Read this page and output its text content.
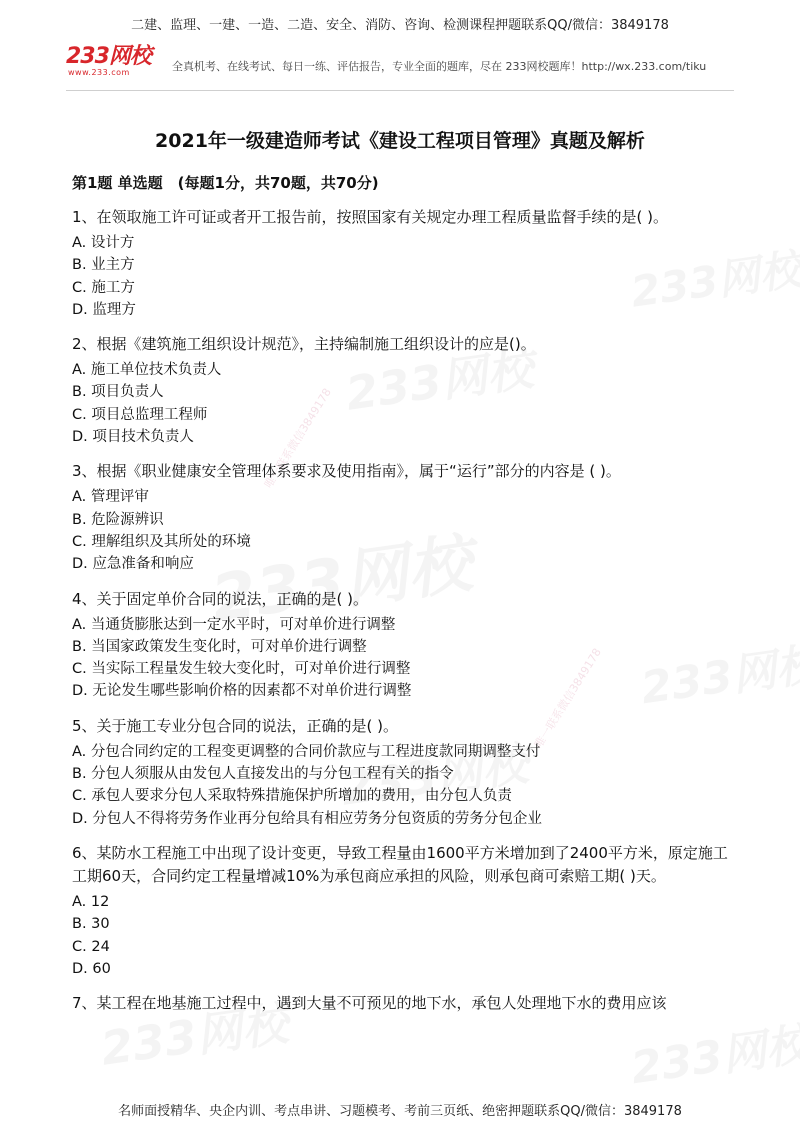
唯一联系微信3849178
唯一联系微信3849178
二建、监理、一建、一造、二造、安全、消防、咨询、检测课程押题联系QQ/微信：3849178
233网校
www.233.com	全真机考、在线考试、每日一练、评估报告，专业全面的题库，尽在 233网校题库！http://wx.233.com/tiku
2021年一级建造师考试《建设工程项目管理》真题及解析
第1题 单选题　(每题1分，共70题，共70分)
1、在领取施工许可证或者开工报告前，按照国家有关规定办理工程质量监督手续的是( )。
A. 设计方
B. 业主方
C. 施工方
D. 监理方
2、根据《建筑施工组织设计规范》，主持编制施工组织设计的应是()。
A. 施工单位技术负责人
B. 项目负责人
C. 项目总监理工程师
D. 项目技术负责人
3、根据《职业健康安全管理体系要求及使用指南》，属于“运行”部分的内容是 ( )。
A. 管理评审
B. 危险源辨识
C. 理解组织及其所处的环境
D. 应急准备和响应
4、关于固定单价合同的说法，正确的是( )。
A. 当通货膨胀达到一定水平时，可对单价进行调整
B. 当国家政策发生变化时，可对单价进行调整
C. 当实际工程量发生较大变化时，可对单价进行调整
D. 无论发生哪些影响价格的因素都不对单价进行调整
5、关于施工专业分包合同的说法，正确的是( )。
A. 分包合同约定的工程变更调整的合同价款应与工程进度款同期调整支付
B. 分包人须服从由发包人直接发出的与分包工程有关的指令
C. 承包人要求分包人采取特殊措施保护所增加的费用，由分包人负责
D. 分包人不得将劳务作业再分包给具有相应劳务分包资质的劳务分包企业
6、某防水工程施工中出现了设计变更，导致工程量由1600平方米增加到了2400平方米，原定施工工期60天，合同约定工程量增减10%为承包商应承担的风险，则承包商可索赔工期( )天。
A. 12
B. 30
C. 24
D. 60
7、某工程在地基施工过程中，遇到大量不可预见的地下水，承包人处理地下水的费用应该
名师面授精华、央企内训、考点串讲、习题模考、考前三页纸、绝密押题联系QQ/微信：3849178
